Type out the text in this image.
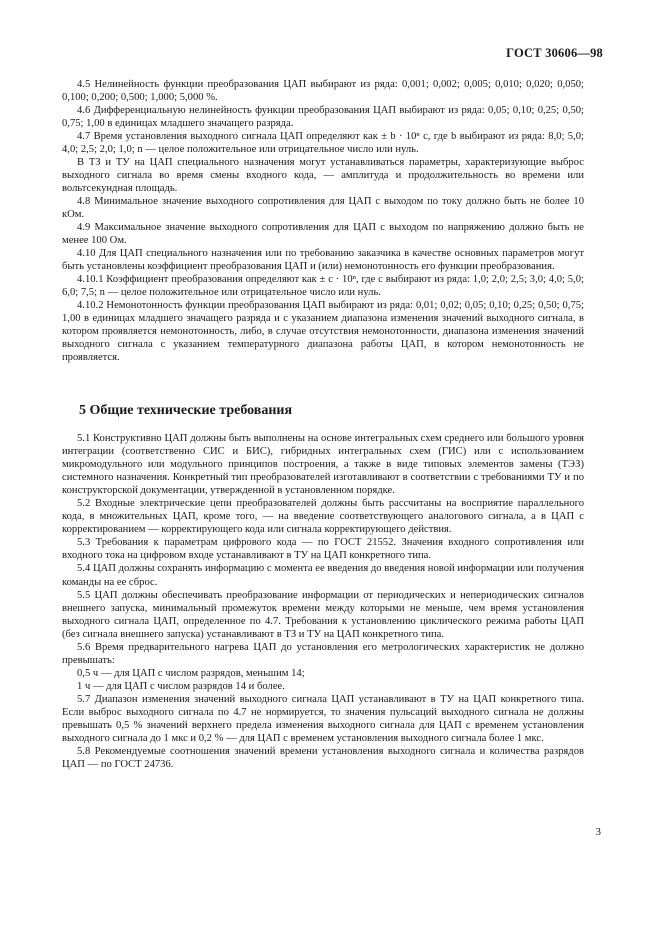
ГОСТ 30606—98

4.5 Нелинейность функции преобразования ЦАП выбирают из ряда: 0,001; 0,002; 0,005; 0,010; 0,020; 0,050; 0,100; 0,200; 0,500; 1,000; 5,000 %.

4.6 Дифференциальную нелинейность функции преобразования ЦАП выбирают из ряда: 0,05; 0,10; 0,25; 0,50; 0,75; 1,00 в единицах младшего значащего разряда.

4.7 Время установления выходного сигнала ЦАП определяют как ± b · 10ⁿ с, где b выбирают из ряда: 8,0; 5,0; 4,0; 2,5; 2,0; 1,0; n — целое положительное или отрицательное число или нуль.

В ТЗ и ТУ на ЦАП специального назначения могут устанавливаться параметры, характеризующие выброс выходного сигнала во время смены входного кода, — амплитуда и продолжительность во времени или вольтсекундная площадь.

4.8 Минимальное значение выходного сопротивления для ЦАП с выходом по току должно быть не более 10 кОм.

4.9 Максимальное значение выходного сопротивления для ЦАП с выходом по напряжению должно быть не менее 100 Ом.

4.10 Для ЦАП специального назначения или по требованию заказчика в качестве основных параметров могут быть установлены коэффициент преобразования ЦАП и (или) немонотонность его функции преобразования.

4.10.1 Коэффициент преобразования определяют как ± c · 10ⁿ, где c выбирают из ряда: 1,0; 2,0; 2,5; 3,0; 4,0; 5,0; 6,0; 7,5; n — целое положительное или отрицательное число или нуль.

4.10.2 Немонотонность функции преобразования ЦАП выбирают из ряда: 0,01; 0,02; 0,05; 0,10; 0,25; 0,50; 0,75; 1,00 в единицах младшего значащего разряда и с указанием диапазона изменения значений выходного сигнала, в котором проявляется немонотонность, либо, в случае отсутствия немонотонности, диапазона изменения значений выходного сигнала с указанием температурного диапазона работы ЦАП, в котором немонотонность не проявляется.

5 Общие технические требования

5.1 Конструктивно ЦАП должны быть выполнены на основе интегральных схем среднего или большого уровня интеграции (соответственно СИС и БИС), гибридных интегральных схем (ГИС) или с использованием микромодульного или модульного принципов построения, а также в виде типовых элементов замены (ТЭЗ) системного назначения. Конкретный тип преобразователей изготавливают в соответствии с требованиями ТУ и по конструкторской документации, утвержденной в установленном порядке.

5.2 Входные электрические цепи преобразователей должны быть рассчитаны на восприятие параллельного кода, в множительных ЦАП, кроме того, — на введение соответствующего аналогового сигнала, а в ЦАП с корректированием — корректирующего кода или сигнала корректирующего действия.

5.3 Требования к параметрам цифрового кода — по ГОСТ 21552. Значения входного сопротивления или входного тока на цифровом входе устанавливают в ТУ на ЦАП конкретного типа.

5.4 ЦАП должны сохранять информацию с момента ее введения до введения новой информации или получения команды на ее сброс.

5.5 ЦАП должны обеспечивать преобразование информации от периодических и непериодических сигналов внешнего запуска, минимальный промежуток времени между которыми не меньше, чем время установления выходного сигнала ЦАП, определенное по 4.7. Требования к установлению циклического режима работы ЦАП (без сигнала внешнего запуска) устанавливают в ТЗ и ТУ на ЦАП конкретного типа.

5.6 Время предварительного нагрева ЦАП до установления его метрологических характеристик не должно превышать:

0,5 ч — для ЦАП с числом разрядов, меньшим 14;

1 ч — для ЦАП с числом разрядов 14 и более.

5.7 Диапазон изменения значений выходного сигнала ЦАП устанавливают в ТУ на ЦАП конкретного типа. Если выброс выходного сигнала по 4.7 не нормируется, то значения пульсаций выходного сигнала не должны превышать 0,5 % значений верхнего предела изменения выходного сигнала для ЦАП с временем установления выходного сигнала до 1 мкс и 0,2 % — для ЦАП с временем установления выходного сигнала более 1 мкс.

5.8 Рекомендуемые соотношения значений времени установления выходного сигнала и количества разрядов ЦАП — по ГОСТ 24736.

3
